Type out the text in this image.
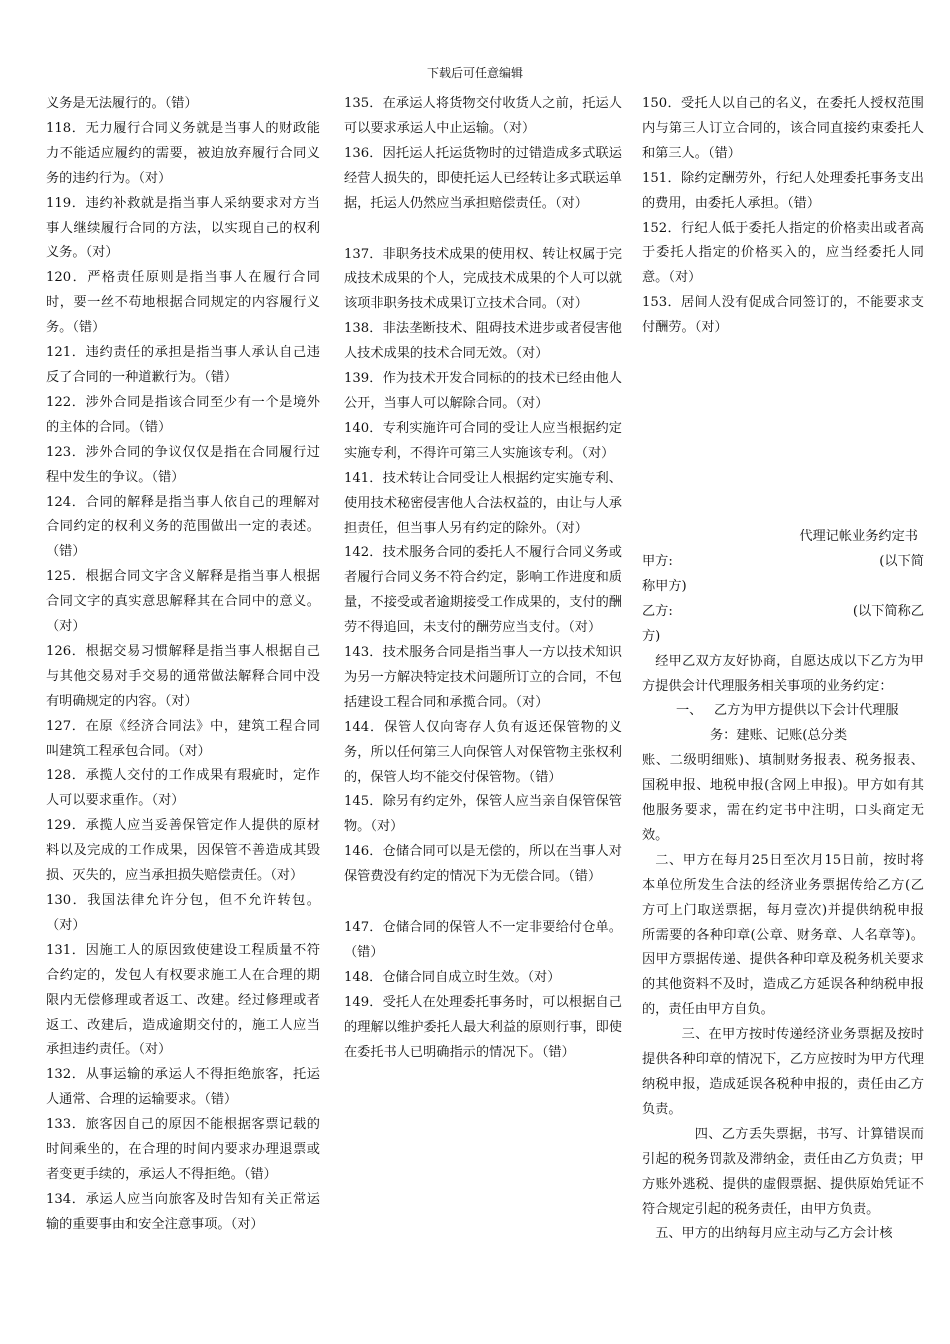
下载后可任意编辑

义务是无法履行的。（错）

118．无力履行合同义务就是当事人的财政能力不能适应履约的需要，被迫放弃履行合同义务的违约行为。（对）

119．违约补救就是指当事人采纳要求对方当事人继续履行合同的方法，以实现自己的权利义务。（对）

120．严格责任原则是指当事人在履行合同时，要一丝不苟地根据合同规定的内容履行义务。（错）

121．违约责任的承担是指当事人承认自己违反了合同的一种道歉行为。（错）

122．涉外合同是指该合同至少有一个是境外的主体的合同。（错）

123．涉外合同的争议仅仅是指在合同履行过程中发生的争议。（错）

124．合同的解释是指当事人依自己的理解对合同约定的权利义务的范围做出一定的表述。（错）

125．根据合同文字含义解释是指当事人根据合同文字的真实意思解释其在合同中的意义。（对）

126．根据交易习惯解释是指当事人根据自己与其他交易对手交易的通常做法解释合同中没有明确规定的内容。（对）

127．在原《经济合同法》中，建筑工程合同叫建筑工程承包合同。（对）

128．承揽人交付的工作成果有瑕疵时，定作人可以要求重作。（对）

129．承揽人应当妥善保管定作人提供的原材料以及完成的工作成果，因保管不善造成其毁损、灭失的，应当承担损失赔偿责任。（对）

130．我国法律允许分包，但不允许转包。（对）

131．因施工人的原因致使建设工程质量不符合约定的，发包人有权要求施工人在合理的期限内无偿修理或者返工、改建。经过修理或者返工、改建后，造成逾期交付的，施工人应当承担违约责任。（对）

132．从事运输的承运人不得拒绝旅客，托运人通常、合理的运输要求。（错）

133．旅客因自己的原因不能根据客票记载的时间乘坐的，在合理的时间内要求办理退票或者变更手续的，承运人不得拒绝。（错）

134．承运人应当向旅客及时告知有关正常运输的重要事由和安全注意事项。（对）

135．在承运人将货物交付收货人之前，托运人可以要求承运人中止运输。（对）

136．因托运人托运货物时的过错造成多式联运经营人损失的，即使托运人已经转让多式联运单据，托运人仍然应当承担赔偿责任。（对）

137．非职务技术成果的使用权、转让权属于完成技术成果的个人，完成技术成果的个人可以就该项非职务技术成果订立技术合同。（对）

138．非法垄断技术、阻碍技术进步或者侵害他人技术成果的技术合同无效。（对）

139．作为技术开发合同标的的技术已经由他人公开，当事人可以解除合同。（对）

140．专利实施许可合同的受让人应当根据约定实施专利，不得许可第三人实施该专利。（对）

141．技术转让合同受让人根据约定实施专利、使用技术秘密侵害他人合法权益的，由让与人承担责任，但当事人另有约定的除外。（对）

142．技术服务合同的委托人不履行合同义务或者履行合同义务不符合约定，影响工作进度和质量，不接受或者逾期接受工作成果的，支付的酬劳不得追回，未支付的酬劳应当支付。（对）

143．技术服务合同是指当事人一方以技术知识为另一方解决特定技术问题所订立的合同，不包括建设工程合同和承揽合同。（对）

144．保管人仅向寄存人负有返还保管物的义务，所以任何第三人向保管人对保管物主张权利的，保管人均不能交付保管物。（错）

145．除另有约定外，保管人应当亲自保管保管物。（对）

146．仓储合同可以是无偿的，所以在当事人对保管费没有约定的情况下为无偿合同。（错）

147．仓储合同的保管人不一定非要给付仓单。（错）

148．仓储合同自成立时生效。（对）

149．受托人在处理委托事务时，可以根据自己的理解以维护委托人最大利益的原则行事，即使在委托书人已明确指示的情况下。（错）

150．受托人以自己的名义，在委托人授权范围内与第三人订立合同的，该合同直接约束委托人和第三人。（错）

151．除约定酬劳外，行纪人处理委托事务支出的费用，由委托人承担。（错）

152．行纪人低于委托人指定的价格卖出或者高于委托人指定的价格买入的，应当经委托人同意。（对）

153．居间人没有促成合同签订的，不能要求支付酬劳。（对）

代理记帐业务约定书

甲方:	(以下简

称甲方)

乙方:	(以下简称乙

方)

经甲乙双方友好协商，自愿达成以下乙方为甲方提供会计代理服务相关事项的业务约定：

一、 乙方为甲方提供以下会计代理服

务：建账、记账(总分类

账、二级明细账)、填制财务报表、税务报表、国税申报、地税申报(含网上申报)。甲方如有其他服务要求，需在约定书中注明，口头商定无效。

二、甲方在每月25日至次月15日前，按时将本单位所发生合法的经济业务票据传给乙方(乙方可上门取送票据，每月壹次)并提供纳税申报所需要的各种印章(公章、财务章、人名章等)。因甲方票据传递、提供各种印章及税务机关要求的其他资料不及时，造成乙方延误各种纳税申报的，责任由甲方自负。

三、在甲方按时传递经济业务票据及按时提供各种印章的情况下，乙方应按时为甲方代理纳税申报，造成延误各税种申报的，责任由乙方负责。

四、乙方丢失票据，书写、计算错误而引起的税务罚款及滞纳金，责任由乙方负责；甲方账外逃税、提供的虚假票据、提供原始凭证不符合规定引起的税务责任，由甲方负责。

五、甲方的出纳每月应主动与乙方会计核
